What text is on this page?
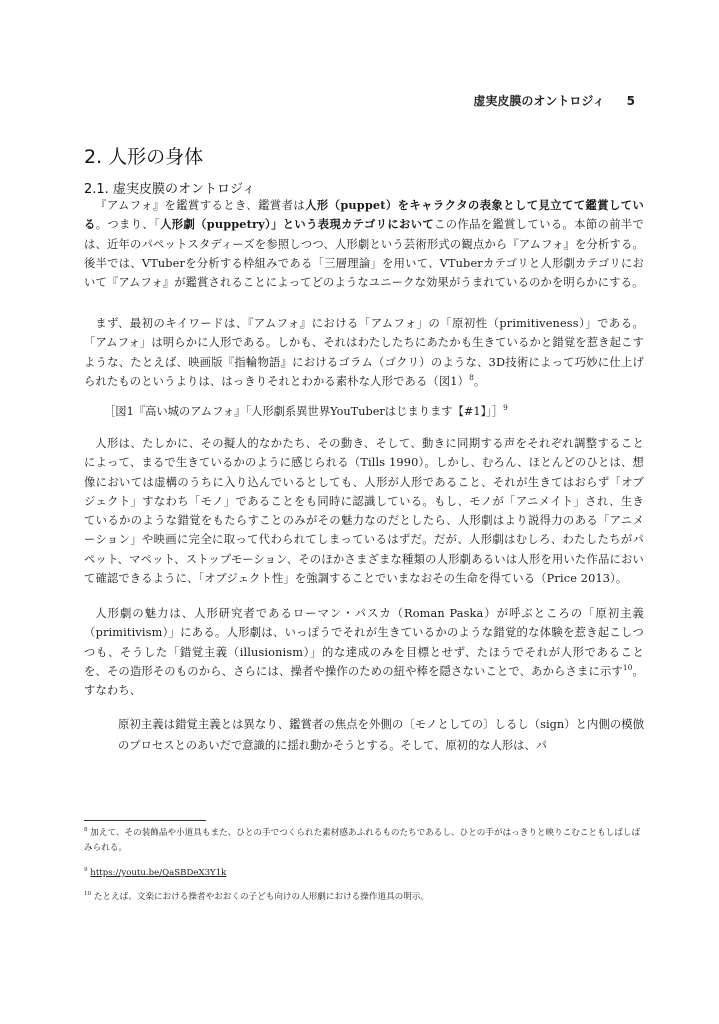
虚実皮膜のオントロジィ 5
2. 人形の身体
2.1. 虚実皮膜のオントロジィ

『アムフォ』を鑑賞するとき、鑑賞者は人形（puppet）をキャラクタの表象として見立てて鑑賞している。つまり、「人形劇（puppetry）」という表現カテゴリにおいてこの作品を鑑賞している。本節の前半では、近年のパペットスタディーズを参照しつつ、人形劇という芸術形式の観点から『アムフォ』を分析する。後半では、VTuberを分析する枠組みである「三層理論」を用いて、VTuberカテゴリと人形劇カテゴリにおいて『アムフォ』が鑑賞されることによってどのようなユニークな効果がうまれているのかを明らかにする。

まず、最初のキイワードは、『アムフォ』における「アムフォ」の「原初性（primitiveness）」である。「アムフォ」は明らかに人形である。しかも、それはわたしたちにあたかも生きているかと錯覚を惹き起こすような、たとえば、映画版『指輪物語』におけるゴラム（ゴクリ）のような、3D技術によって巧妙に仕上げられたものというよりは、はっきりそれとわかる素朴な人形である（図1）$^8$。

［図1『高い城のアムフォ』「人形劇系異世界YouTuberはじまります【#1】」］$^9$

人形は、たしかに、その擬人的なかたち、その動き、そして、動きに同期する声をそれぞれ調整することによって、まるで生きているかのように感じられる（Tills 1990）。しかし、むろん、ほとんどのひとは、想像においては虚構のうちに入り込んでいるとしても、人形が人形であること、それが生きてはおらず「オブジェクト」すなわち「モノ」であることをも同時に認識している。もし、モノが「アニメイト」され、生きているかのような錯覚をもたらすことのみがその魅力なのだとしたら、人形劇はより説得力のある「アニメーション」や映画に完全に取って代わられてしまっているはずだ。だが、人形劇はむしろ、わたしたちがパペット、マペット、ストップモーション、そのほかさまざまな種類の人形劇あるいは人形を用いた作品において確認できるように、「オブジェクト性」を強調することでいまなおその生命を得ている（Price 2013）。

人形劇の魅力は、人形研究者であるローマン・パスカ（Roman Paska）が呼ぶところの「原初主義（primitivism）」にある。人形劇は、いっぽうでそれが生きているかのような錯覚的な体験を惹き起こしつつも、そうした「錯覚主義（illusionism）」的な達成のみを目標とせず、たほうでそれが人形であることを、その造形そのものから、さらには、操者や操作のための紐や棒を隠さないことで、あからさまに示す$^{10}$。すなわち、

原初主義は錯覚主義とは異なり、鑑賞者の焦点を外側の〔モノとしての〕しるし（sign）と内側の模倣のプロセスとのあいだで意識的に揺れ動かそうとする。そして、原初的な人形は、パ

$^8$ 加えて、その装飾品や小道具もまた、ひとの手でつくられた素材感あふれるものたちであるし、ひとの手がはっきりと映りこむこともしばしばみられる。

$^9$ https://youtu.be/QaSBDeX3Y1k

$^{10}$ たとえば、文楽における操者やおおくの子ども向けの人形劇における操作道具の明示。
